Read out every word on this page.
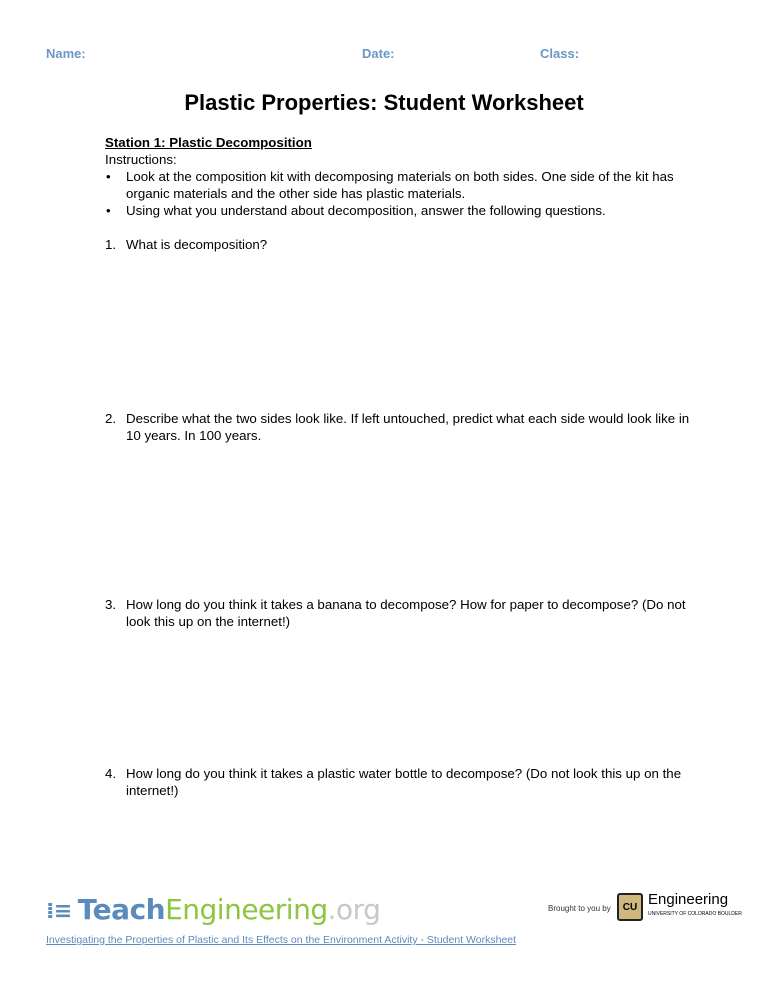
Name:	Date:	Class:
Plastic Properties: Student Worksheet
Station 1: Plastic Decomposition
Instructions:
• Look at the composition kit with decomposing materials on both sides. One side of the kit has organic materials and the other side has plastic materials.
• Using what you understand about decomposition, answer the following questions.
1. What is decomposition?
2. Describe what the two sides look like. If left untouched, predict what each side would look like in 10 years. In 100 years.
3. How long do you think it takes a banana to decompose? How for paper to decompose? (Do not look this up on the internet!)
4. How long do you think it takes a plastic water bottle to decompose? (Do not look this up on the internet!)
⁞≡ TeachEngineering.org	Brought to you by	CU Engineering
UNIVERSITY OF COLORADO BOULDER
Investigating the Properties of Plastic and Its Effects on the Environment Activity - Student Worksheet
